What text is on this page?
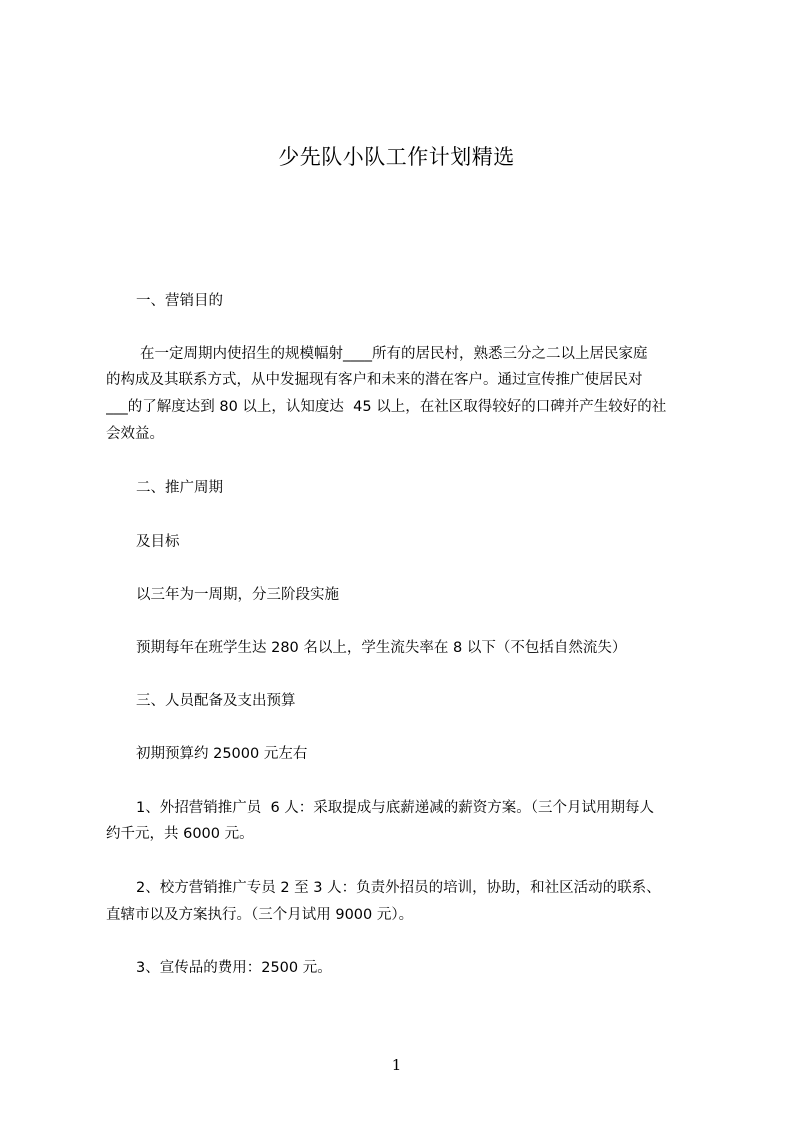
少先队小队工作计划精选
一、营销目的
在一定周期内使招生的规模幅射____所有的居民村，熟悉三分之二以上居民家庭
的构成及其联系方式，从中发掘现有客户和未来的潜在客户。通过宣传推广使居民对
___的了解度达到 80 以上，认知度达  45 以上，在社区取得较好的口碑并产生较好的社
会效益。
二、推广周期
及目标
以三年为一周期，分三阶段实施
预期每年在班学生达 280 名以上，学生流失率在 8 以下（不包括自然流失）
三、人员配备及支出预算
初期预算约 25000 元左右
1、外招营销推广员  6 人：采取提成与底薪递减的薪资方案。（三个月试用期每人
约千元，共 6000 元。
2、校方营销推广专员 2 至 3 人：负责外招员的培训，协助，和社区活动的联系、
直辖市以及方案执行。（三个月试用 9000 元）。
3、宣传品的费用：2500 元。
1
